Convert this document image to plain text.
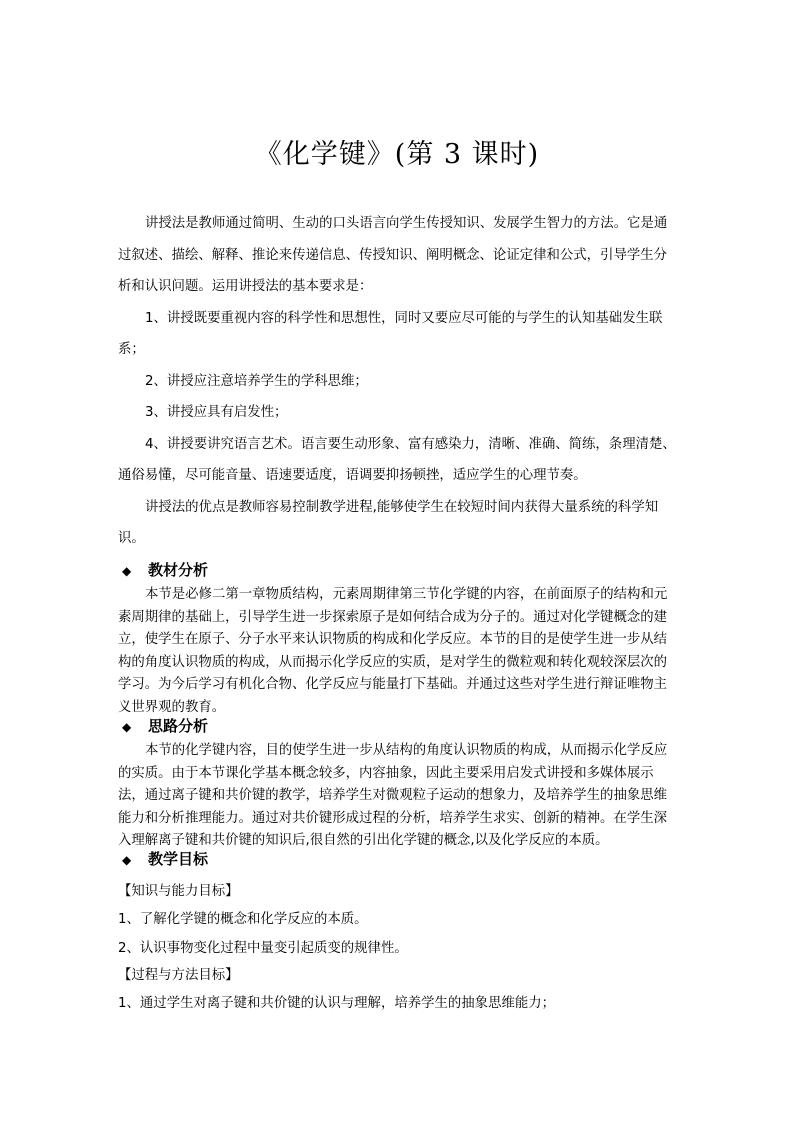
《化学键》(第 3 课时)

讲授法是教师通过简明、生动的口头语言向学生传授知识、发展学生智力的方法。它是通过叙述、描绘、解释、推论来传递信息、传授知识、阐明概念、论证定律和公式，引导学生分析和认识问题。运用讲授法的基本要求是：

1、讲授既要重视内容的科学性和思想性，同时又要应尽可能的与学生的认知基础发生联系；

2、讲授应注意培养学生的学科思维；

3、讲授应具有启发性；

4、讲授要讲究语言艺术。语言要生动形象、富有感染力，清晰、准确、简练，条理清楚、通俗易懂，尽可能音量、语速要适度，语调要抑扬顿挫，适应学生的心理节奏。

讲授法的优点是教师容易控制教学进程,能够使学生在较短时间内获得大量系统的科学知识。

◆ 教材分析

本节是必修二第一章物质结构，元素周期律第三节化学键的内容，在前面原子的结构和元素周期律的基础上，引导学生进一步探索原子是如何结合成为分子的。通过对化学键概念的建立，使学生在原子、分子水平来认识物质的构成和化学反应。本节的目的是使学生进一步从结构的角度认识物质的构成，从而揭示化学反应的实质，是对学生的微粒观和转化观较深层次的学习。为今后学习有机化合物、化学反应与能量打下基础。并通过这些对学生进行辩证唯物主义世界观的教育。

◆ 思路分析

本节的化学键内容，目的使学生进一步从结构的角度认识物质的构成，从而揭示化学反应的实质。由于本节课化学基本概念较多，内容抽象，因此主要采用启发式讲授和多媒体展示法，通过离子键和共价键的教学，培养学生对微观粒子运动的想象力，及培养学生的抽象思维能力和分析推理能力。通过对共价键形成过程的分析，培养学生求实、创新的精神。在学生深入理解离子键和共价键的知识后,很自然的引出化学键的概念,以及化学反应的本质。

◆ 教学目标

【知识与能力目标】

1、了解化学键的概念和化学反应的本质。

2、认识事物变化过程中量变引起质变的规律性。

【过程与方法目标】

1、通过学生对离子键和共价键的认识与理解，培养学生的抽象思维能力；
